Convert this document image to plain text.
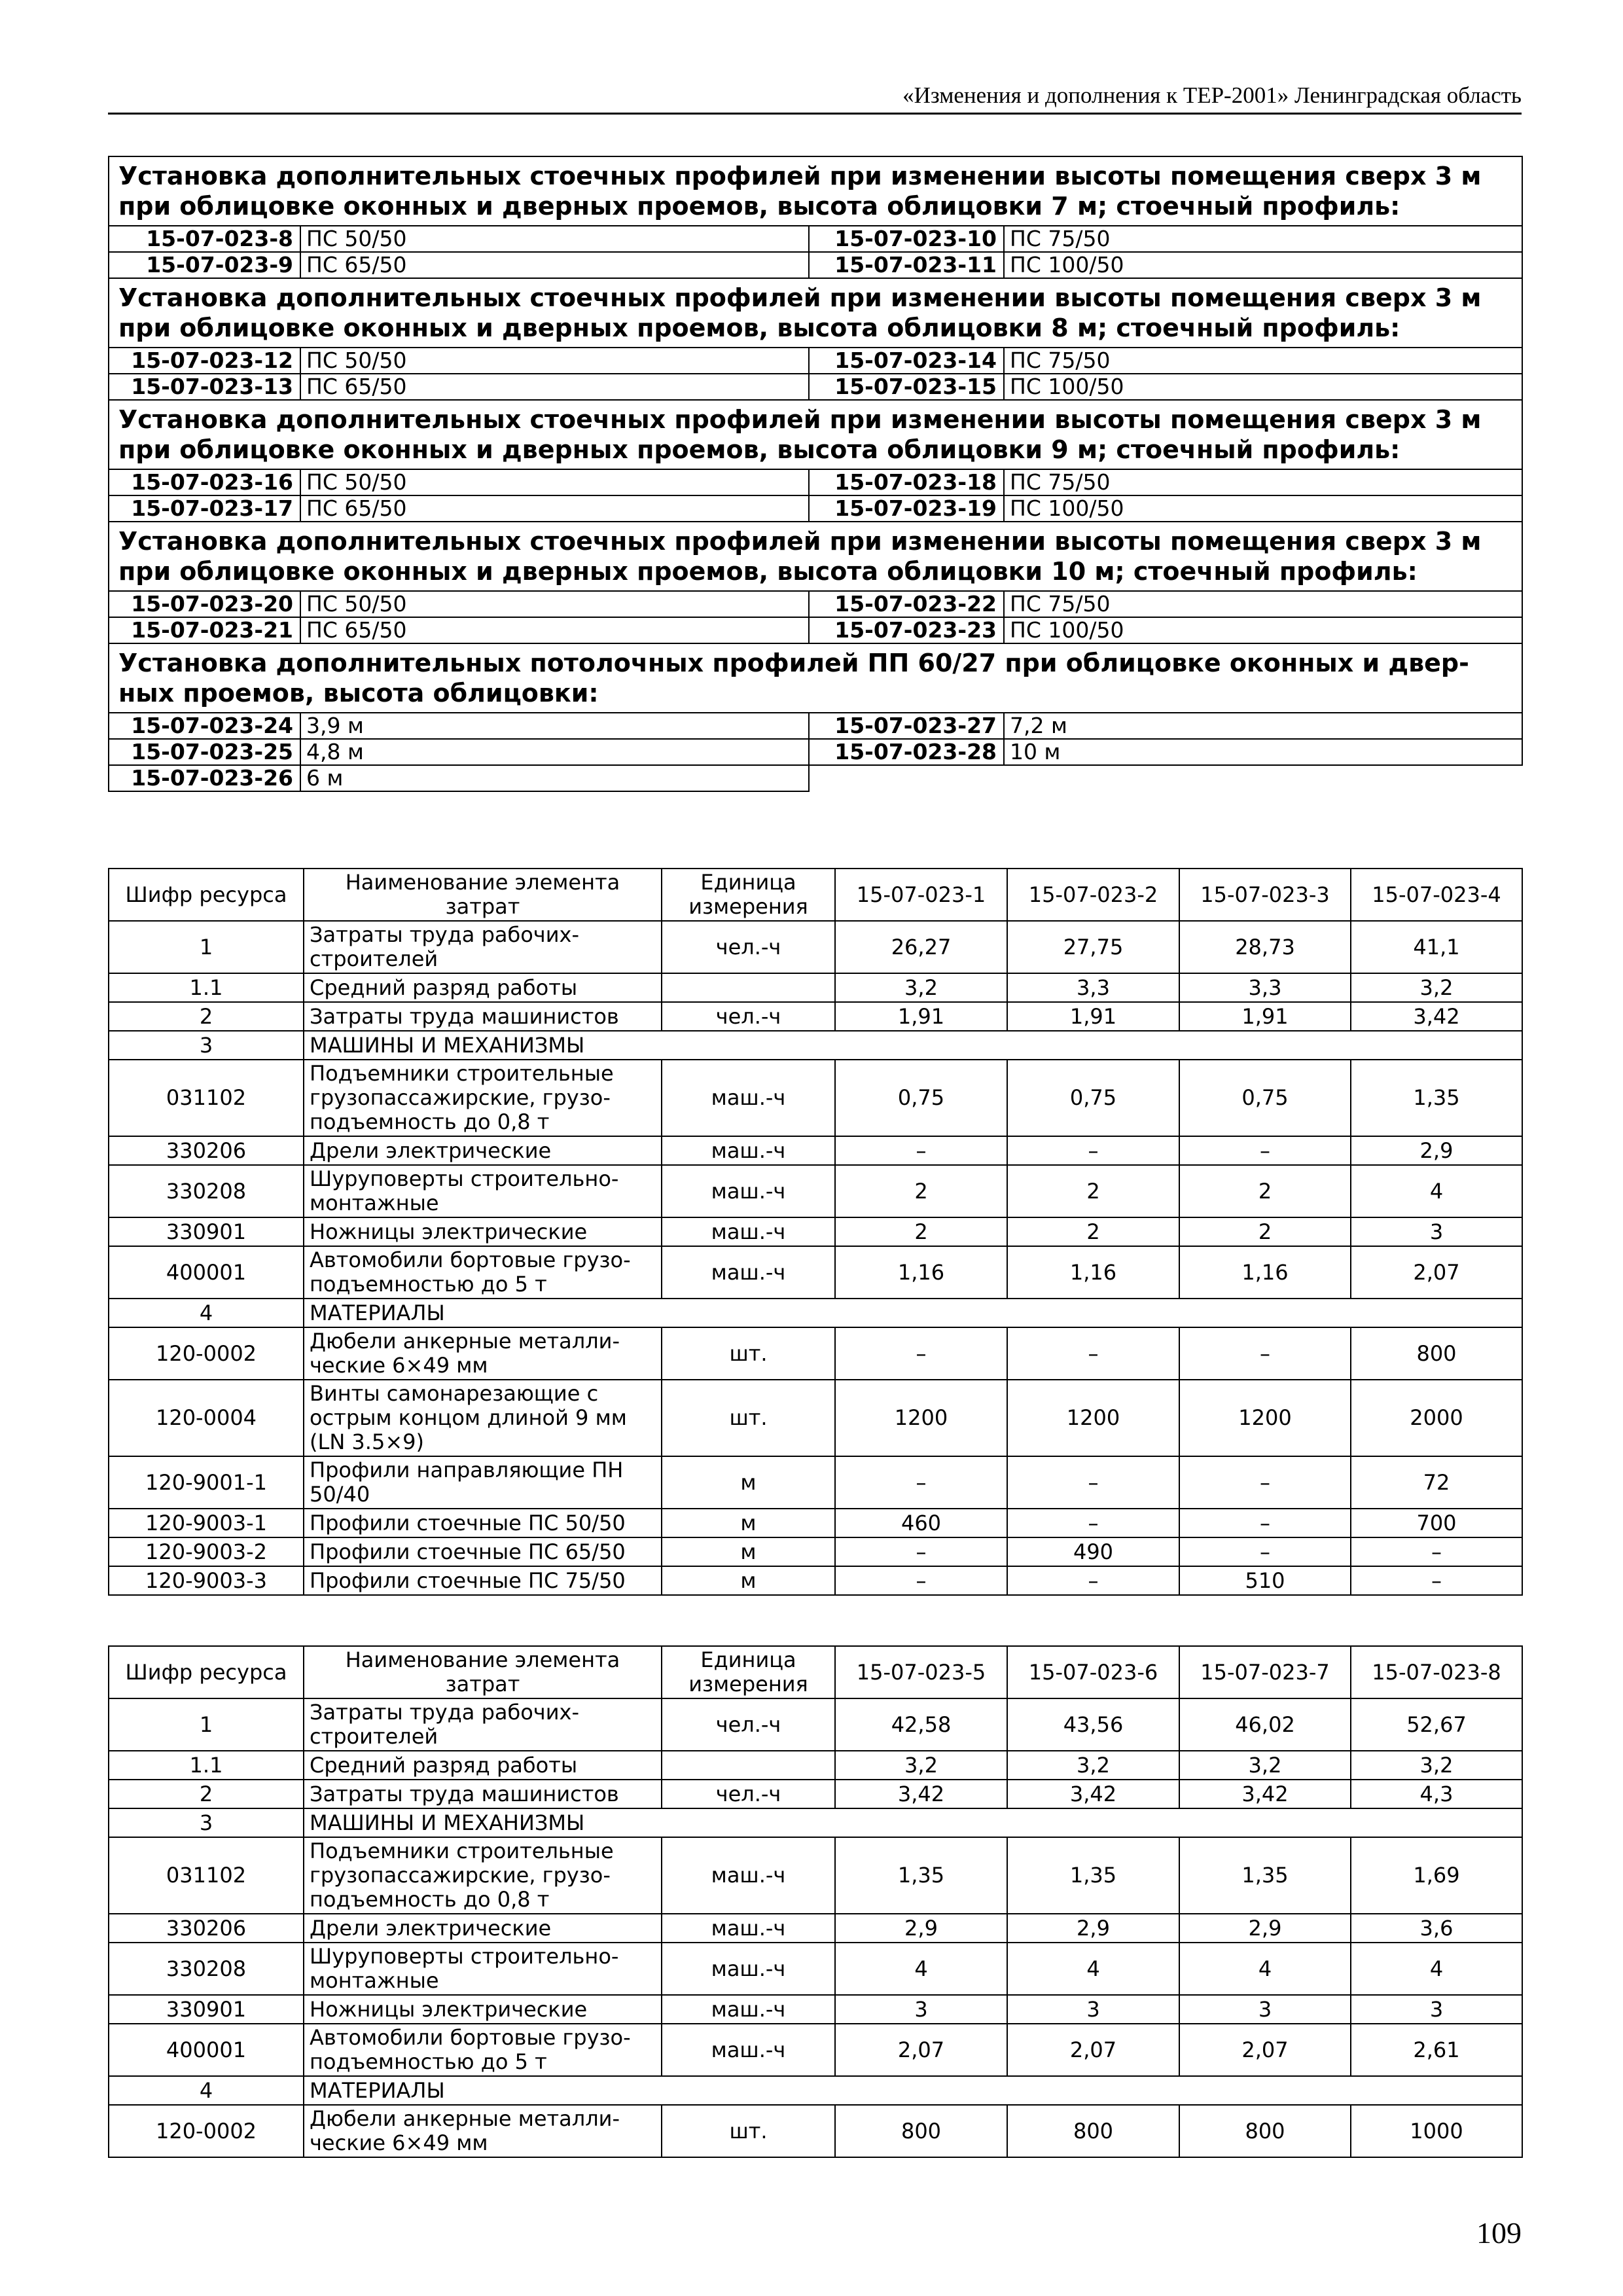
«Изменения и дополнения к ТЕР-2001» Ленинградская область
Установка дополнительных стоечных профилей при изменении высоты помещения сверх 3 м при облицовке оконных и дверных проемов, высота облицовки 7 м; стоечный профиль:			
15-07-023-8	ПС 50/50	15-07-023-10	ПС 75/50
15-07-023-9	ПС 65/50	15-07-023-11	ПС 100/50
Установка дополнительных стоечных профилей при изменении высоты помещения сверх 3 м при облицовке оконных и дверных проемов, высота облицовки 8 м; стоечный профиль:			
15-07-023-12	ПС 50/50	15-07-023-14	ПС 75/50
15-07-023-13	ПС 65/50	15-07-023-15	ПС 100/50
Установка дополнительных стоечных профилей при изменении высоты помещения сверх 3 м при облицовке оконных и дверных проемов, высота облицовки 9 м; стоечный профиль:			
15-07-023-16	ПС 50/50	15-07-023-18	ПС 75/50
15-07-023-17	ПС 65/50	15-07-023-19	ПС 100/50
Установка дополнительных стоечных профилей при изменении высоты помещения сверх 3 м при облицовке оконных и дверных проемов, высота облицовки 10 м; стоечный профиль:			
15-07-023-20	ПС 50/50	15-07-023-22	ПС 75/50
15-07-023-21	ПС 65/50	15-07-023-23	ПС 100/50
Установка дополнительных потолочных профилей ПП 60/27 при облицовке оконных и двер-ных проемов, высота облицовки:			
15-07-023-24	3,9 м	15-07-023-27	7,2 м
15-07-023-25	4,8 м	15-07-023-28	10 м
15-07-023-26	6 м		
Шифр ресурса	Наименование элемента затрат	Единица измерения	15-07-023-1	15-07-023-2	15-07-023-3	15-07-023-4
1	Затраты труда рабочих-строителей	чел.-ч	26,27	27,75	28,73	41,1
1.1	Средний разряд работы		3,2	3,3	3,3	3,2
2	Затраты труда машинистов	чел.-ч	1,91	1,91	1,91	3,42
3	МАШИНЫ И МЕХАНИЗМЫ					
031102	Подъемники строительные грузопассажирские, грузо-подъемность до 0,8 т	маш.-ч	0,75	0,75	0,75	1,35
330206	Дрели электрические	маш.-ч	–	–	–	2,9
330208	Шуруповерты строительно-монтажные	маш.-ч	2	2	2	4
330901	Ножницы электрические	маш.-ч	2	2	2	3
400001	Автомобили бортовые грузо-подъемностью до 5 т	маш.-ч	1,16	1,16	1,16	2,07
4	МАТЕРИАЛЫ					
120-0002	Дюбели анкерные металли-ческие 6×49 мм	шт.	–	–	–	800
120-0004	Винты самонарезающие с острым концом длиной 9 мм (LN 3.5×9)	шт.	1200	1200	1200	2000
120-9001-1	Профили направляющие ПН 50/40	м	–	–	–	72
120-9003-1	Профили стоечные ПС 50/50	м	460	–	–	700
120-9003-2	Профили стоечные ПС 65/50	м	–	490	–	–
120-9003-3	Профили стоечные ПС 75/50	м	–	–	510	–
Шифр ресурса	Наименование элемента затрат	Единица измерения	15-07-023-5	15-07-023-6	15-07-023-7	15-07-023-8
1	Затраты труда рабочих-строителей	чел.-ч	42,58	43,56	46,02	52,67
1.1	Средний разряд работы		3,2	3,2	3,2	3,2
2	Затраты труда машинистов	чел.-ч	3,42	3,42	3,42	4,3
3	МАШИНЫ И МЕХАНИЗМЫ					
031102	Подъемники строительные грузопассажирские, грузо-подъемность до 0,8 т	маш.-ч	1,35	1,35	1,35	1,69
330206	Дрели электрические	маш.-ч	2,9	2,9	2,9	3,6
330208	Шуруповерты строительно-монтажные	маш.-ч	4	4	4	4
330901	Ножницы электрические	маш.-ч	3	3	3	3
400001	Автомобили бортовые грузо-подъемностью до 5 т	маш.-ч	2,07	2,07	2,07	2,61
4	МАТЕРИАЛЫ					
120-0002	Дюбели анкерные металли-ческие 6×49 мм	шт.	800	800	800	1000
109
